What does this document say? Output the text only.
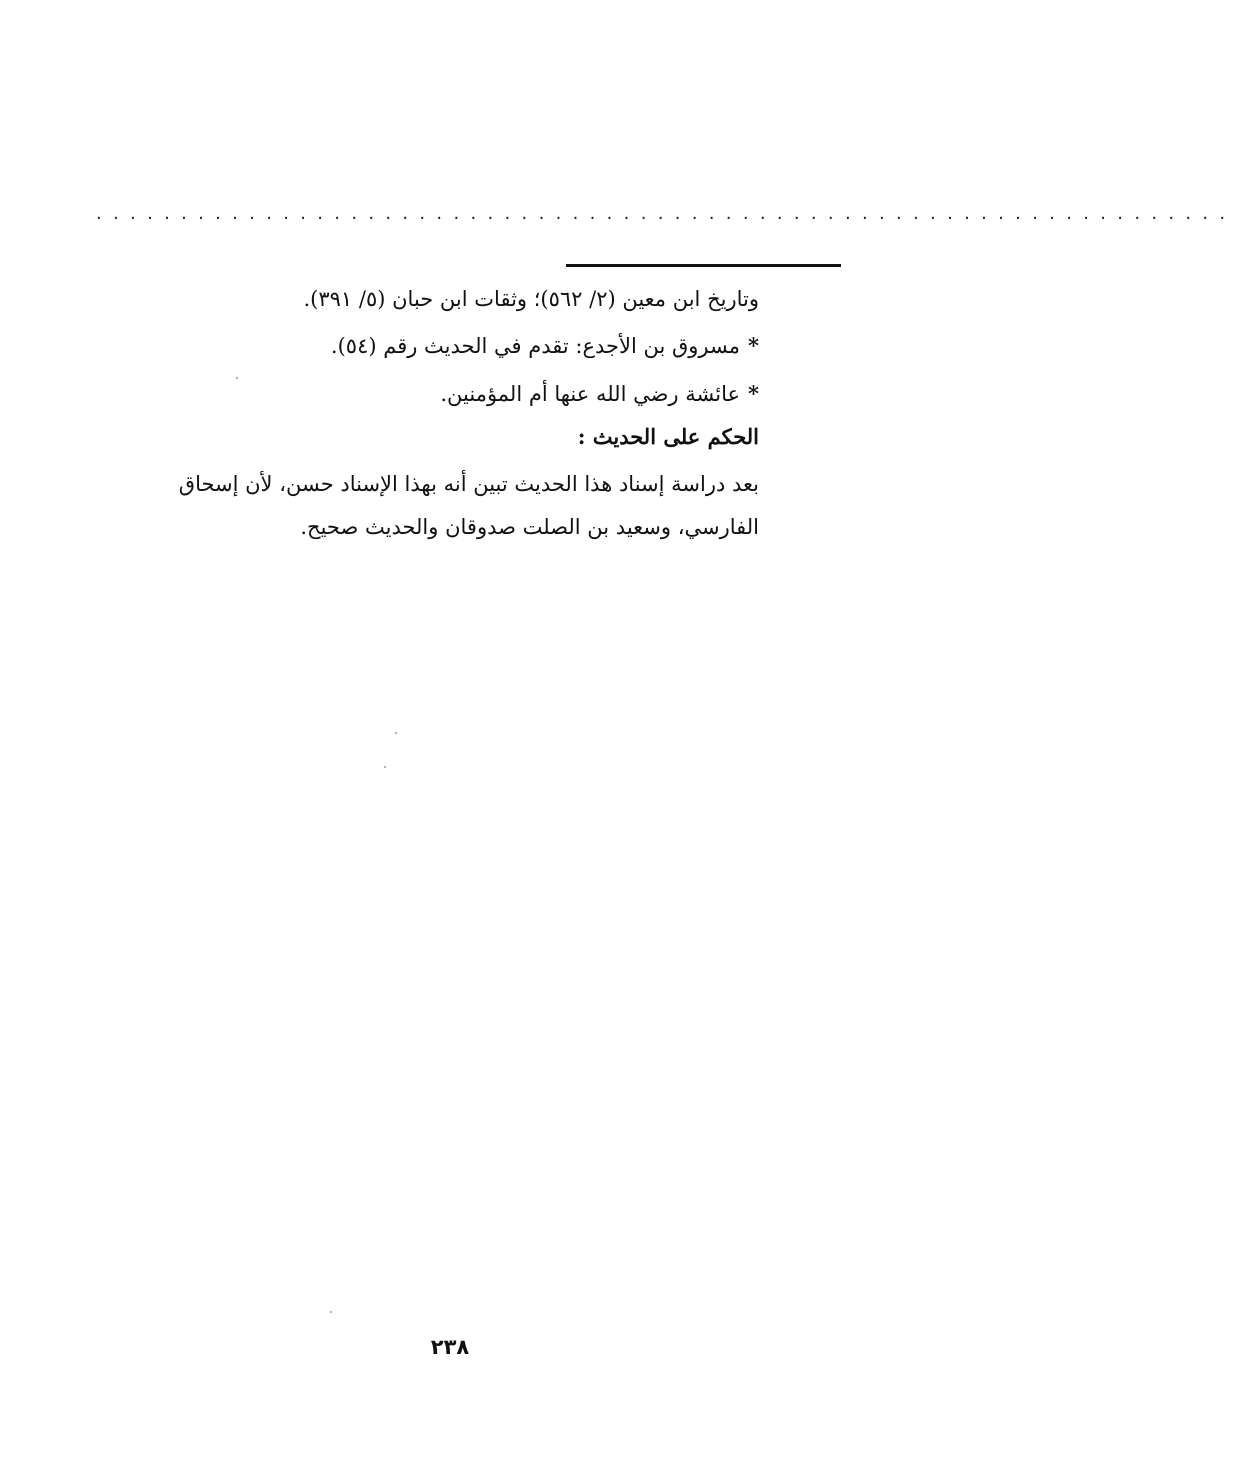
...................................................................
وتاريخ ابن معين (٢/ ٥٦٢)؛ وثقات ابن حبان (٥/ ٣٩١).
*مسروق بن الأجدع: تقدم في الحديث رقم (٥٤).
*عائشة رضي الله عنها أم المؤمنين.
الحكم على الحديث :
بعد دراسة إسناد هذا الحديث تبين أنه بهذا الإسناد حسن، لأن إسحاق
الفارسي، وسعيد بن الصلت صدوقان والحديث صحيح.
٢٣٨
